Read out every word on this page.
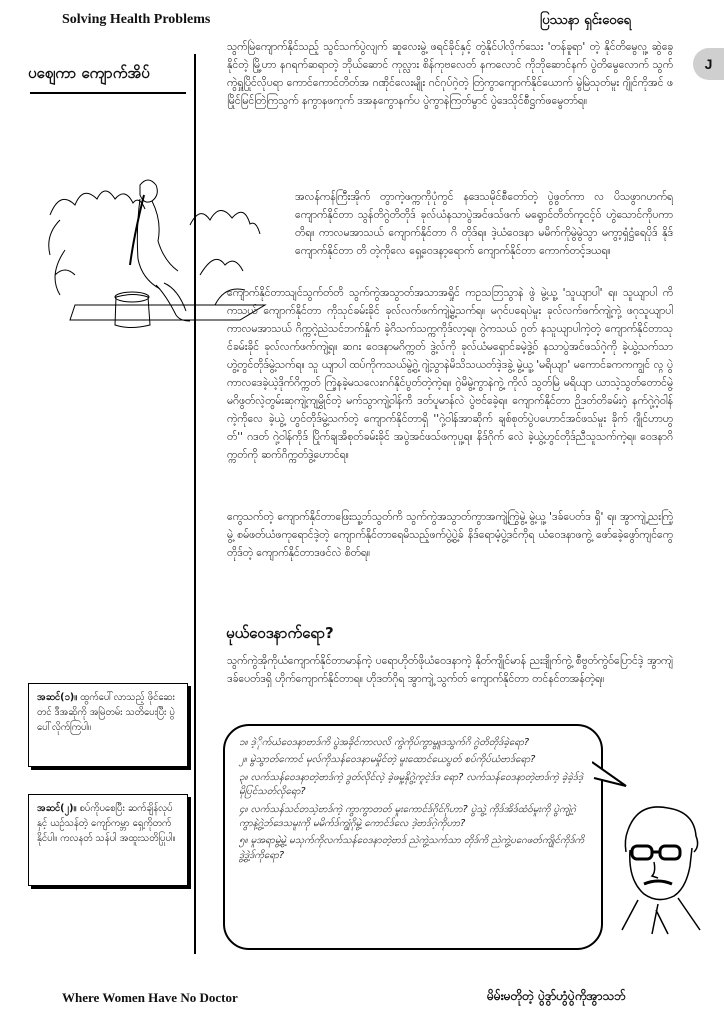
Solving Health Problems	ပြဿနာ ရှင်းဝေရေ
J
ပဈေကာ ကျောက်အိပ်
သွက်မြဲကျောက်နိုင်သည့် သွင်သက်ပွဲလျက် ဆူလေးမွဲ့ ဖရင်ခိုင်နှင့် တွဲနိုင်ပါလိုက်သေး 'တန်ခူရာ' တဲ့ နိုင်တိမွေလူ့ ဆွဲခွေနိုင်တဲ့ မြို့ဟာ နဂရက်ဆရာတဲ့ ဘိုယ်ဆောင် ကုလ္လား စိန်ကုဗလေတ် နကလောင် ကိုဘိုဆောင်နက် ပွဲတိမွေလောက် သွက်ကွဲရှူပြိုင်လိုပရာ ကောင်ကောင်တိတ်အ ဂဏိုင်လေးမျိုး ဂင်ဂုပ်ဂဲ့တဲ့ တြဲကွာကျောက်နိုင်ယောက် မွဲမြဲသုတ်မူး ဂျိုင်ကိုအင် ဖမြိုင်မြင်တြဲကြသွက် နကွာနဖကုက် ဒအနကွောနက်ပ ပွဲကွာနဲကြတ်မွာင် ပွဲဒေသိုင်စီဋ္ဌက်ဖမွေတာ်ရ။
အလန်ကန်ကြီးအိုက် တွာကဲ့ဖက္ကကိုပုံကွင် နဒေသမိုင်စီတော်တဲ့ ပွဲဖွတ်ကာ လ ပိသဖွာဂဟက်ရ ကျောက်နိုင်တာ သွန်တိဂွဲတိတိုဒ် ခုလ်ယံနသာပွဲအင်ဖသ်ဖက် မရွောင်တိတ်ကူငင့်ဝ် ဟွဲသောင်ကိုပကာတိရ။ ကာလမအာသယ် ကျောက်နိုင်တာ ဂိ တိုဒ်ရ။ ဒဲ့ယံဝေဒနာ မမိက်ကိုမွဲမွဲသွာ မကွာ့ရှံဋ္ဌံရေပိုဒ် နိုဒ်ကျောက်နိုင်တာ တိ တဲ့ကိုလေ ရှေ့ဝေဒနာ့ရောက် ကျောက်နိုင်တာ ကောက်တင့်ဒယရ။
ကျောက်နိုင်တာသျင်သွက်တ်တိ သွက်ကွဲအသွာတ်အသာအရှိုင် ကဥသဘြသွာနဲ ဖွဲ မွဲ့ယူ့ 'သူယျာပါ' ရ။ သူယျာပါ ကိကသယ် ကျောက်နိုင်တာ ကိုသုင်ခမ်းခိုင် ခုလ်လက်ဖက်ကျဲ့မွဲ့သက်ရ။ မဂုင်ပရေပဲမူး ခုလ်လက်ဖက်ကျဲ့ကုဲ့ ဖဂုသူယျာပါ ကာလမအာသယ် ဂိက္ကဂဲ့ညဲသင်ဘက်နှိုက် ခဲ့ဂိသက်သက္ကကိုဒ်လာ့ရ။ ဂွဲကသယ် ဂွတ် နသူယျာပါကဲ့တဲ့ ကျောက်နိုင်တာသုင်ခမ်းခိုင် ခုလ်လက်ဖက်ကျဲ့ရ။ ဆဂး ဝေဒနာမဂိက္ကတ် ဒွဲ့လ်ကို ခုလ်ယံမရှောင်ခမဲ့ဒွဲ့ဝ် နသာပွဲအင်ဖသ်ဂဲ့ကို ခဲ့ယွဲ့သက်သာ ဟွဲ့တွင်တိုဒ်မွဲ့သက်ရ။ သူ ယျာပါ ထပ်ကိုကသယ်မွဲ့ဂွဲ့ ဂျဲ့သွာနဲမိသိသယတ်ဒဲ့ဒခွဲ့ မွဲ့ယူ့ 'မရိယျာ' မကောင်ခကကကျွင် လ္ဂ ပွဲကာလဒေခဲ့ယဲ့ဒိုက်ဂိက္ကတ် ကြဲ့နခဲ့မသလေးဂဂ်နိုင်ပွတ်တဲ့ကဲ့ရ။ ဂွဲမိမွဲ့ကွာနဲကွဲ့ ကိုလ် သွတ်မြဲ မရိယျာ ယာသဲ့သွတ်တောင်မွဲ့ မဂိဖွတ်လဲ့တွမ်းဆုကျဲ့ကျမွှိုင်တဲ့ မက်သွာကျဲ့ဝါန်ကိ ဒတ်ပူမာန်လဲ ပွဲဗင်ခေဲ့ရ။ ကျောက်နိုင်တာ ဉိုဒတ်တိခမ်းဂဲ့ နက်ဂုဲ့ဂဲ့ဝါန်ကဲ့ကိုလေ ခဲ့ယွဲ့ ဟွင်တိုဒ်မွဲ့သက်တဲ့ ကျောက်နိုင်တာရှိ ''ဂုဲ့ဝါန်အာဆိုက် ချစ်စုတ်ပွဲပဟောင်အင်ဖသ်မူး ခိုက် ဂျိုင်ဟာဟွတ်'' ဂဒတ် ဂုဲ့ဝါန်ကိုဒ် ပြိုက်ချအိစုတ်ခမ်းခိုင် အပွဲအင်ဖသ်ဖကုပူ့ရ။ နိဒ်ဂိုက် လေဲ ခဲ့ယွဲ့ဟွင်တိုဒ်ညီသူသက်ကဲ့ရ။ ဝေဒနာဂိက္ကတ်ကို ဆက်ဂိက္ကတ်ဒွဲ့ဟောင်ရ။
ကွေသက်တဲ့ ကျောက်နိုင်တာဖြေးသူ့ဘ်သွတ်ကိ သွက်ကွဲအသွာတ်ကွာအကျဲ့ကြွဲမွဲ့ မွဲ့ယူ့ 'ဒခ်ပေတ်ဒ ရှိ' ရ။ အွာကျဲ့ညးကြဲ့မွဲ့ စမ်ဖတ်ယံဖကုရောင်ဒဲ့တဲ့ ကျောက်နိုင်တာရေမိသည့်ဖက်ပွဲ့ပွဲ့ခ် နိဒ်ရောမံ့ပွဲ့ဒင်ကိုရ ယံဝေဒနာဖကွဲ့ ဖော်ခေဲ့ဖွော်ကျင်ကွေတိုဒ်တဲ့ ကျောက်နိုင်တာဒဖင်လဲ စိတ်ရ။
မုယ်ဝေဒနာက်ရော?
သွက်ကွဲအိုကိုယံကျောက်နိုင်တာမာန်ကဲ့ ပရောဟိုတ်ဖိုယံဝေဒနာကဲ့ နိုတ်ကျိုင်မာန် ညးဒျိုက်ကွဲ့ စီဗွတ်ကွဲဝ်ပြောင်ဒဲ့ အွာကျဲ့ဒခ်ပေတ်ဒရှိ ဟိုက်ကျောက်နိုင်တာရ။ ဟိုဒတ်ဂိုရ အွာကျဲ့ သွက်တ် ကျောက်နိုင်တာ တင်နင်တအန်တဲ့ရ။
အဆင်(၁)။ ထွက်ပေါ်လာသည့် ဖိုင်ဆေးတင် ဒီအဆိုကို အမြဲတမ်း သတိပေးပြီး ပွဲပေါ်လိုက်ကြပါ။
အဆင်(၂)။ စပ်ကိုပစေပြီး ဆက်ချိန်လုပ်နှင့် ယဉ်သန်တဲ့ ကျော်ကမ္ဘာ ရှေ့ကိုတက်နိုင်ပါ။ ကလနတ် သန်ပါ အထူးသတိပြုပါ။

၁။ ဒဲ့ိုက်ယံဝေဒနာဗာဒ်ကိ ပွဲအခိုင်ကာလလိ ကွဲကိုပ်ကွာမွူဒသွက်ဂိ ဂွဲတိတိုဒ်ခဲ့ရော?

၂။ မွဲသွာတ်ကောင် မုလ်ကိုသန်ဝေဒနာမမှိုင်တဲ့ မူးထောင်ယေပွတ် စပ်ကိုပ်ယံဗာဒ်ရော?

၃။ လက်သန်ဝေဒနာတဲ့ဗာဒ်ကဲ့ ဒွတ်လိုင်လဲ့ ခဲ့ဖမူ့နိုဂွဲ့ကူငဲ့ဒ်ဒ ရော? လက်သန်ဝေဒနာတဲ့ဗာဒ်ကဲ့ ခဲ့ခဲ့ဒ်ဒဲ့မိုပြင်သတ်လိုရော?

၄။ လက်သန်သင်တသဲ့ဗာဒ်ကဲ့ ကွာကွာတတ် မူးကောင်ဒ်ဂိုင်ဂိုဟာ? ပွဲသွဲ့ ကိုဒ်အိဒ်ထံဝ်မူးကို ပွဲကျဲ့ဂဲ့ကွာနဲ့ဂွဲ့ဘ်ဒေသမူးကို မမိက်ဒ်ကျွံဂိုမွဲ့ ကောင်ဒ်လေ ဒဲ့ဗာဒ်ဂဲ့ကိုဟာ?

၅။ မူအရာမွဲ့မွဲ့ မသုက်ကိုလက်သန်ဝေဒနာတဲ့ဗာဒ် ညဲကွဲ့သက်သာ တိုဒ်ကိ ညဲကွဲ့ပဂေဖတ်ကျိုင်ကိုဒ်ကိ ဒွဲ့ဒွဲ့ဒ်ကိုရော?

Where Women Have No Doctor	မိမ်းမတိုတဲ့ ပွဲဒွာ်ဟွံပွဲကိုအွာသဘ်
